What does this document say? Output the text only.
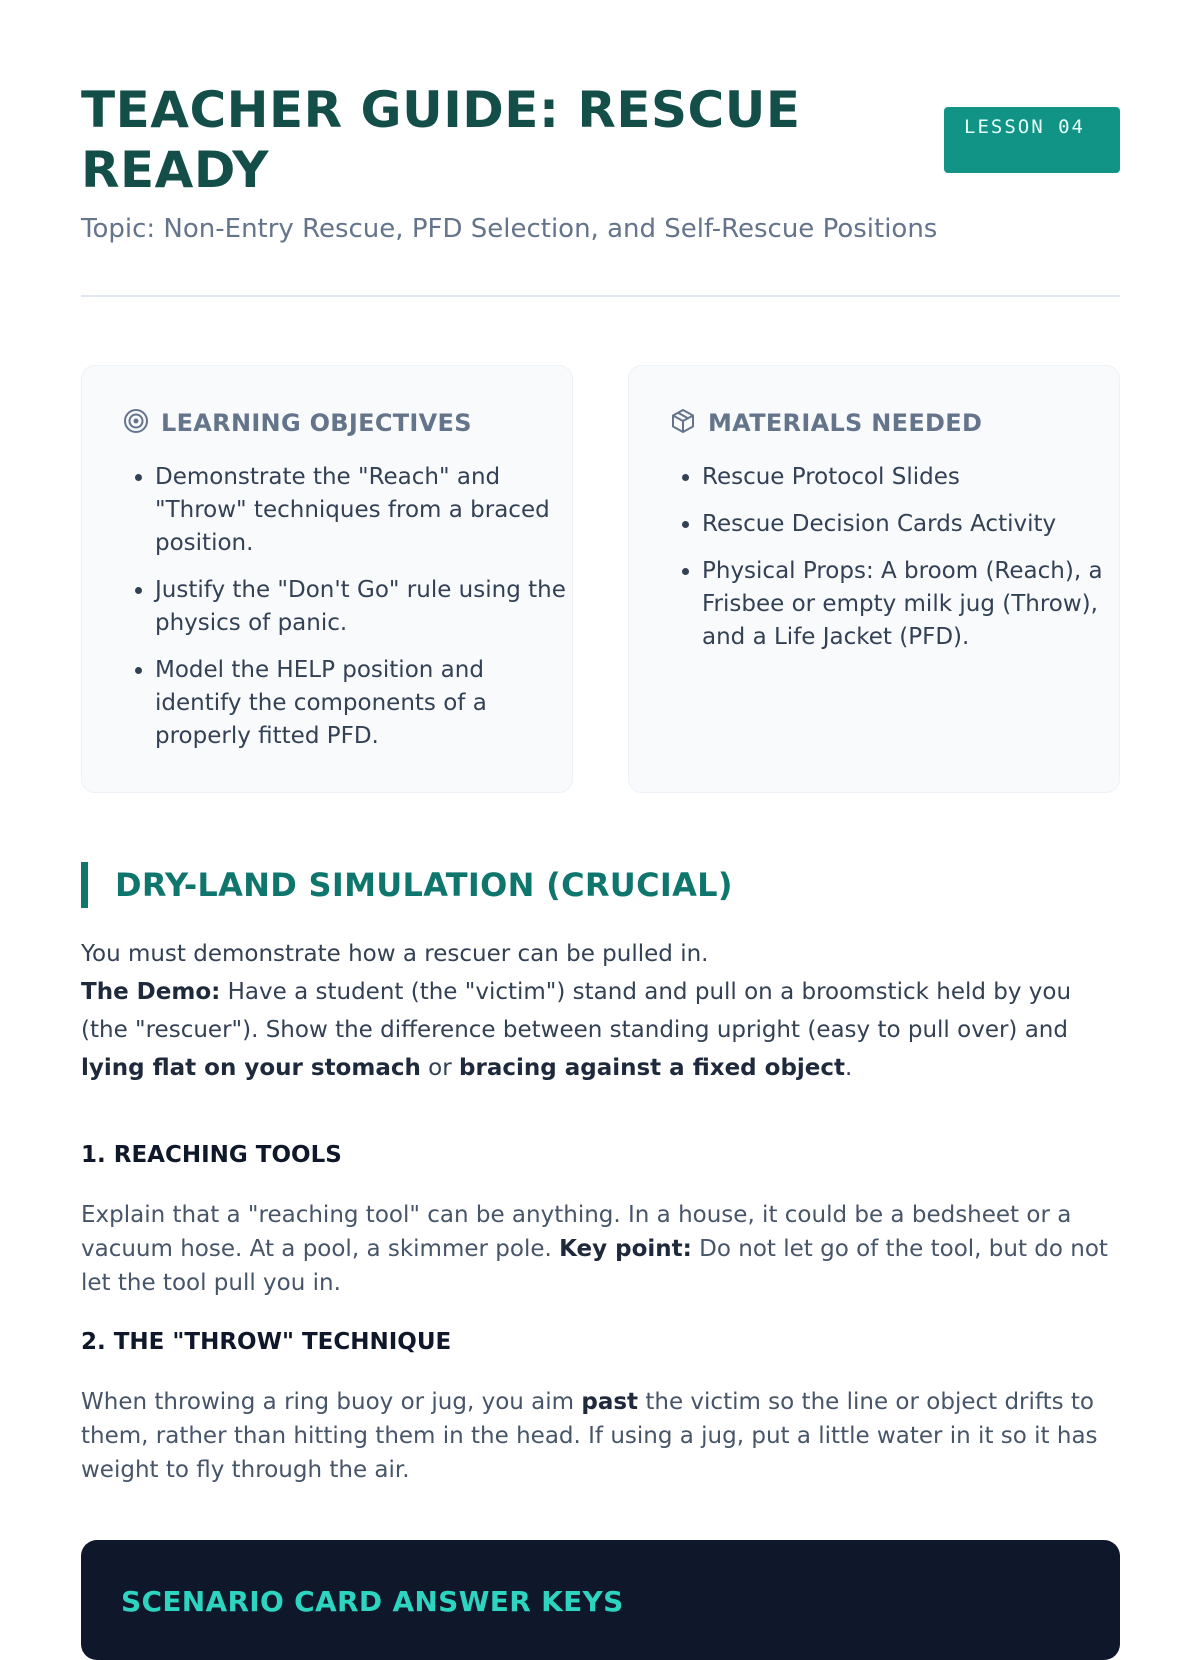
TEACHER GUIDE: RESCUE READY
LESSON 04
Topic: Non-Entry Rescue, PFD Selection, and Self-Rescue Positions
LEARNING OBJECTIVES
• Demonstrate the "Reach" and "Throw" techniques from a braced position.
• Justify the "Don't Go" rule using the physics of panic.
• Model the HELP position and identify the components of a properly fitted PFD.
MATERIALS NEEDED
• Rescue Protocol Slides
• Rescue Decision Cards Activity
• Physical Props: A broom (Reach), a Frisbee or empty milk jug (Throw), and a Life Jacket (PFD).
DRY-LAND SIMULATION (CRUCIAL)

You must demonstrate how a rescuer can be pulled in.

The Demo: Have a student (the "victim") stand and pull on a broomstick held by you (the "rescuer"). Show the difference between standing upright (easy to pull over) and lying flat on your stomach or bracing against a fixed object.

1. REACHING TOOLS

Explain that a "reaching tool" can be anything. In a house, it could be a bedsheet or a vacuum hose. At a pool, a skimmer pole. Key point: Do not let go of the tool, but do not let the tool pull you in.

2. THE "THROW" TECHNIQUE

When throwing a ring buoy or jug, you aim past the victim so the line or object drifts to them, rather than hitting them in the head. If using a jug, put a little water in it so it has weight to fly through the air.

SCENARIO CARD ANSWER KEYS
